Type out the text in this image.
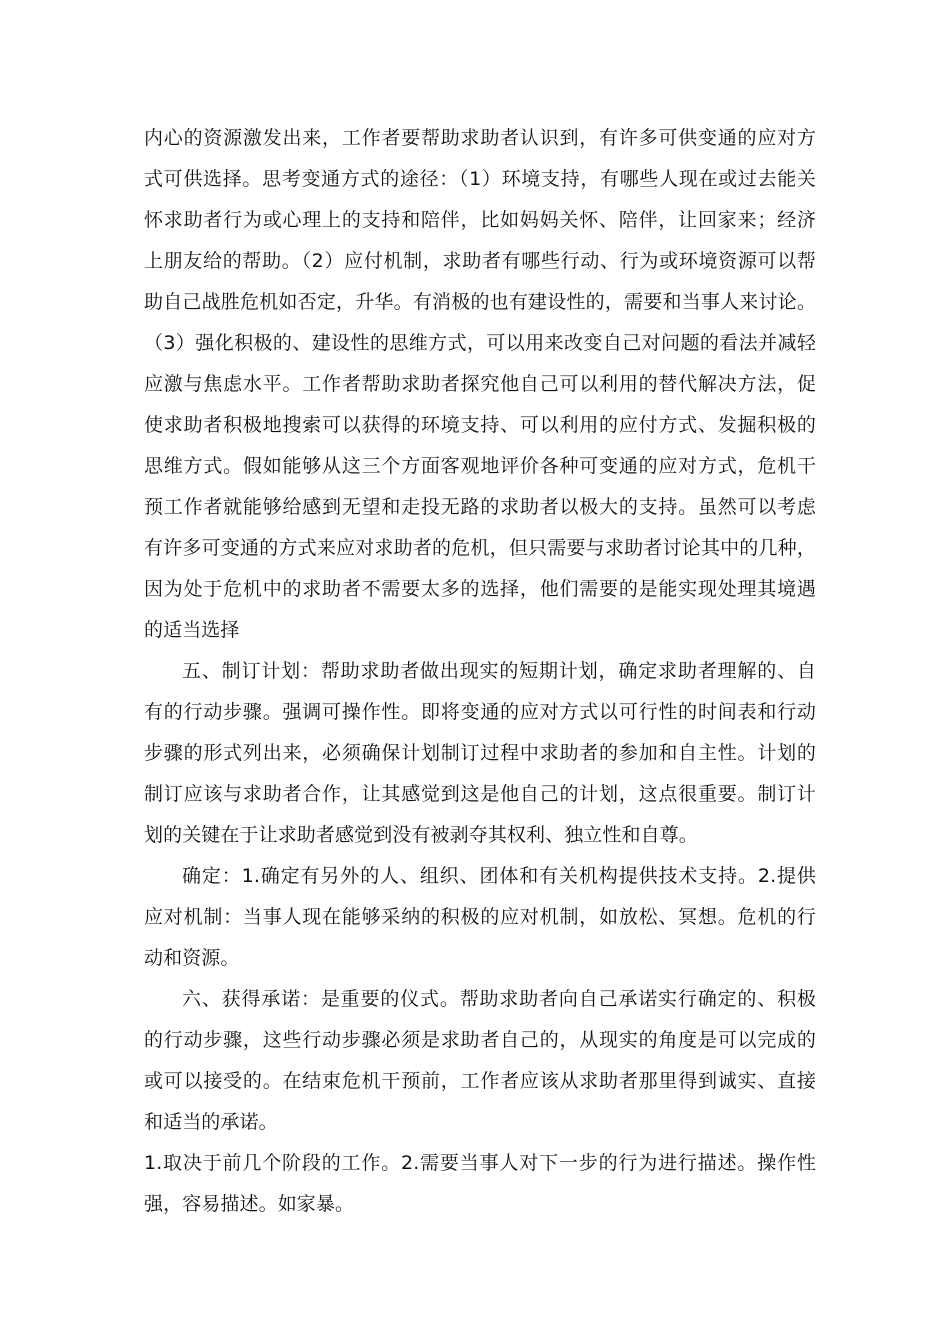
内心的资源激发出来，工作者要帮助求助者认识到，有许多可供变通的应对方
式可供选择。思考变通方式的途径：（1）环境支持，有哪些人现在或过去能关
怀求助者行为或心理上的支持和陪伴，比如妈妈关怀、陪伴，让回家来；经济
上朋友给的帮助。（2）应付机制，求助者有哪些行动、行为或环境资源可以帮
助自己战胜危机如否定，升华。有消极的也有建设性的，需要和当事人来讨论。
（3）强化积极的、建设性的思维方式，可以用来改变自己对问题的看法并减轻
应激与焦虑水平。工作者帮助求助者探究他自己可以利用的替代解决方法，促
使求助者积极地搜索可以获得的环境支持、可以利用的应付方式、发掘积极的
思维方式。假如能够从这三个方面客观地评价各种可变通的应对方式，危机干
预工作者就能够给感到无望和走投无路的求助者以极大的支持。虽然可以考虑
有许多可变通的方式来应对求助者的危机，但只需要与求助者讨论其中的几种，
因为处于危机中的求助者不需要太多的选择，他们需要的是能实现处理其境遇
的适当选择
五、制订计划：帮助求助者做出现实的短期计划，确定求助者理解的、自
有的行动步骤。强调可操作性。即将变通的应对方式以可行性的时间表和行动
步骤的形式列出来，必须确保计划制订过程中求助者的参加和自主性。计划的
制订应该与求助者合作，让其感觉到这是他自己的计划，这点很重要。制订计
划的关键在于让求助者感觉到没有被剥夺其权利、独立性和自尊。
确定：1.确定有另外的人、组织、团体和有关机构提供技术支持。2.提供
应对机制：当事人现在能够采纳的积极的应对机制，如放松、冥想。危机的行
动和资源。
六、获得承诺：是重要的仪式。帮助求助者向自己承诺实行确定的、积极
的行动步骤，这些行动步骤必须是求助者自己的，从现实的角度是可以完成的
或可以接受的。在结束危机干预前，工作者应该从求助者那里得到诚实、直接
和适当的承诺。
1.取决于前几个阶段的工作。2.需要当事人对下一步的行为进行描述。操作性
强，容易描述。如家暴。
